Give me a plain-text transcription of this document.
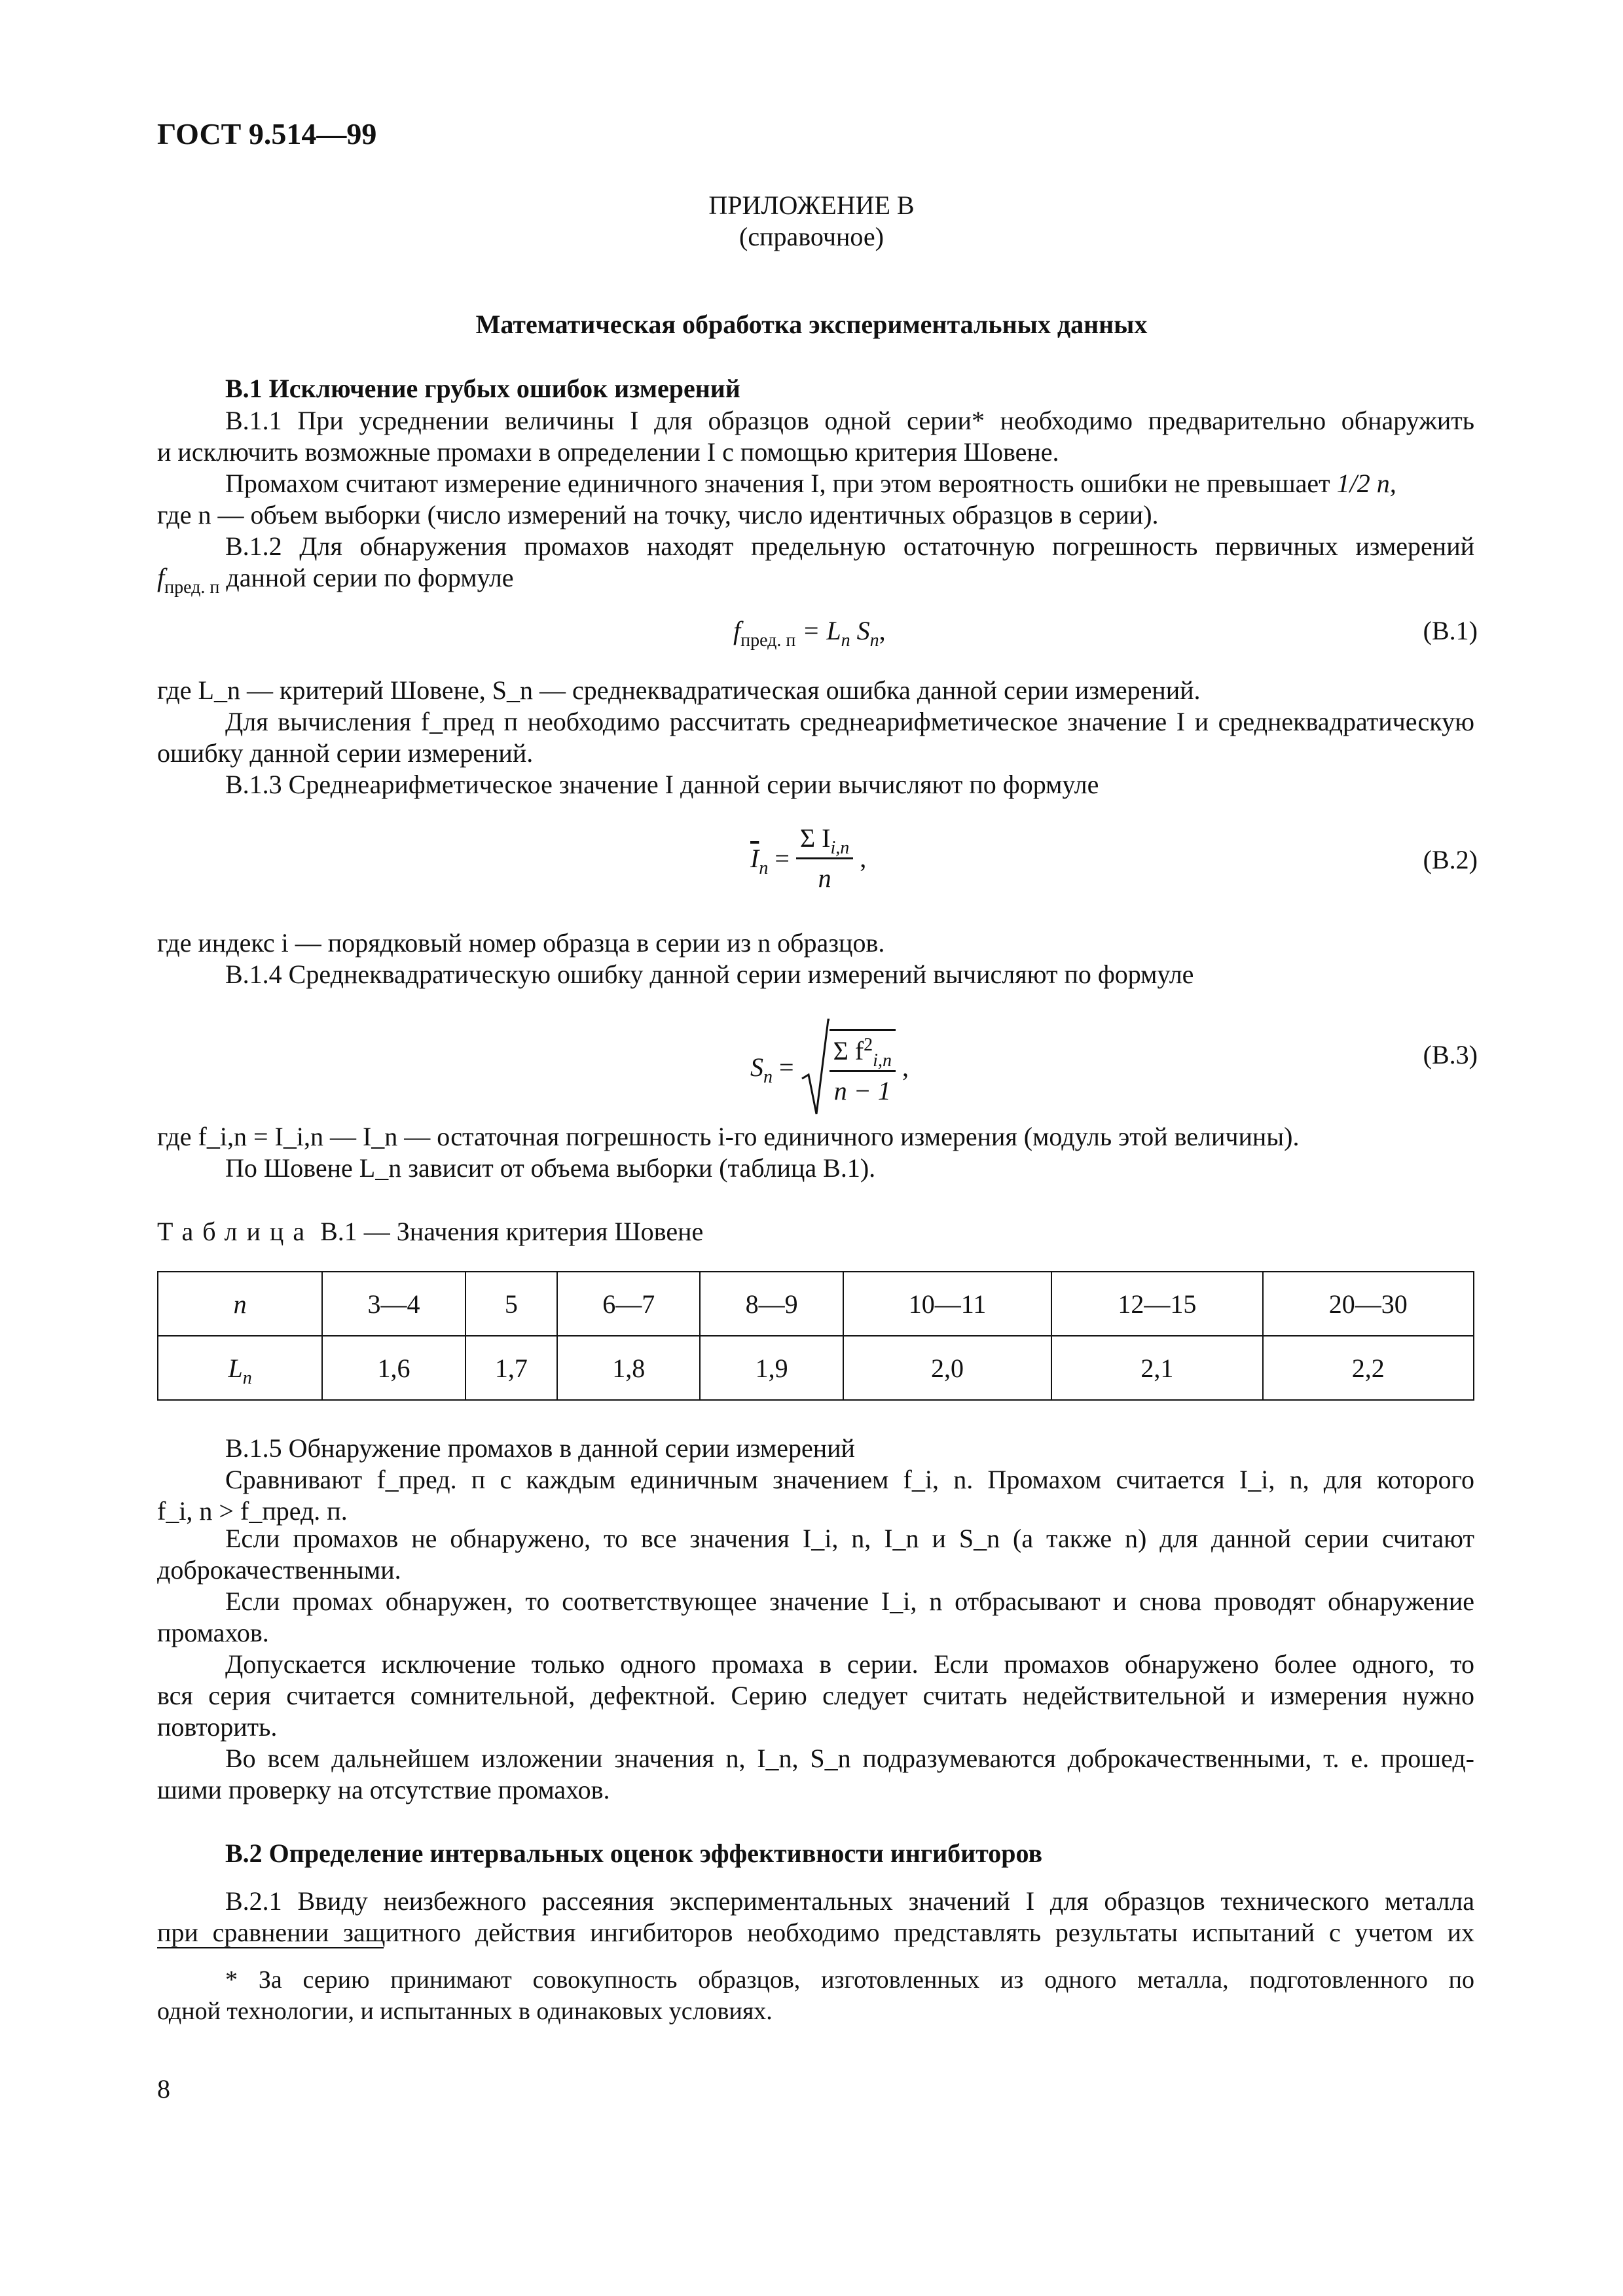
ГОСТ 9.514—99
ПРИЛОЖЕНИЕ В
(справочное)
Математическая обработка экспериментальных данных
В.1 Исключение грубых ошибок измерений
В.1.1 При усреднении величины I для образцов одной серии* необходимо предварительно обнаружить
и исключить возможные промахи в определении I с помощью критерия Шовене.
Промахом считают измерение единичного значения I, при этом вероятность ошибки не превышает 1/2 n,
где n — объем выборки (число измерений на точку, число идентичных образцов в серии).
В.1.2 Для обнаружения промахов находят предельную остаточную погрешность первичных измерений
$f_{пред. п}$ данной серии по формуле
$f_{пред. п} = L_n$ $S_n$,	(В.1)
где L_n — критерий Шовене, S_n — среднеквадратическая ошибка данной серии измерений.
Для вычисления f_пред п необходимо рассчитать среднеарифметическое значение I и среднеквадратическую
ошибку данной серии измерений.
В.1.3 Среднеарифметическое значение I данной серии вычисляют по формуле
$\overline{I}_n = \frac{\Sigma I_{i,n}}{n}$ ,	(В.2)
где индекс i — порядковый номер образца в серии из n образцов.
В.1.4 Среднеквадратическую ошибку данной серии измерений вычисляют по формуле
$S_n = \frac{\Sigma f^2_{i,n}}{n - 1}$ ,	(В.3)
где f_i,n = I_i,n — I_n — остаточная погрешность i-го единичного измерения (модуль этой величины).
По Шовене L_n зависит от объема выборки (таблица В.1).
Таблица В.1 — Значения критерия Шовене
n	3—4	5	6—7	8—9	10—11	12—15	20—30
$L_n$	1,6	1,7	1,8	1,9	2,0	2,1	2,2
В.1.5 Обнаружение промахов в данной серии измерений
Сравнивают f_пред. п с каждым единичным значением f_i, n. Промахом считается I_i, n, для которого
f_i, n > f_пред. п.
Если промахов не обнаружено, то все значения I_i, n, I_n и S_n (а также n) для данной серии считают
доброкачественными.
Если промах обнаружен, то соответствующее значение I_i, n отбрасывают и снова проводят обнаружение
промахов.
Допускается исключение только одного промаха в серии. Если промахов обнаружено более одного, то
вся серия считается сомнительной, дефектной. Серию следует считать недействительной и измерения нужно
повторить.
Во всем дальнейшем изложении значения n, I_n, S_n подразумеваются доброкачественными, т. е. прошед-
шими проверку на отсутствие промахов.
В.2 Определение интервальных оценок эффективности ингибиторов
В.2.1 Ввиду неизбежного рассеяния экспериментальных значений I для образцов технического металла
при сравнении защитного действия ингибиторов необходимо представлять результаты испытаний с учетом их
* За серию принимают совокупность образцов, изготовленных из одного металла, подготовленного по
одной технологии, и испытанных в одинаковых условиях.
8
